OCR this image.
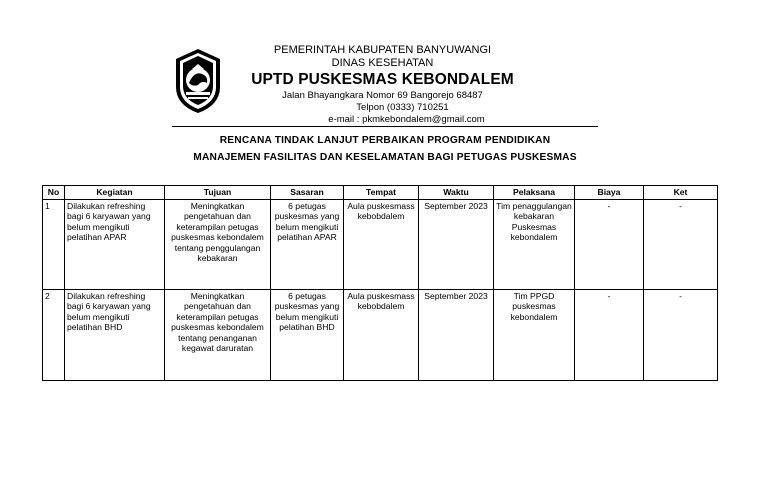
PEMERINTAH KABUPATEN BANYUWANGI
DINAS KESEHATAN
UPTD PUSKESMAS KEBONDALEM
Jalan Bhayangkara Nomor 69 Bangorejo 68487
Telpon (0333) 710251
e-mail : pkmkebondalem@gmail.com
RENCANA TINDAK LANJUT PERBAIKAN PROGRAM PENDIDIKAN
MANAJEMEN FASILITAS DAN KESELAMATAN BAGI PETUGAS PUSKESMAS
No	Kegiatan	Tujuan	Sasaran	Tempat	Waktu	Pelaksana	Biaya	Ket
1	Dilakukan refreshing bagi 6 karyawan yang belum mengikuti pelatihan APAR	Meningkatkan pengetahuan dan keterampilan petugas puskesmas kebondalem tentang penggulangan kebakaran	6 petugas puskesmas yang belum mengikuti pelatihan APAR	Aula puskesmass kebobdalem	September 2023	Tim penaggulangan kebakaran Puskesmas kebondalem	-	-
2	Dilakukan refreshing bagi 6 karyawan yang belum mengikuti pelatihan BHD	Meningkatkan pengetahuan dan keterampilan petugas puskesmas kebondalem tentang penanganan kegawat daruratan	6 petugas puskesmas yang belum mengikuti pelatihan BHD	Aula puskesmass kebobdalem	September 2023	Tim PPGD puskesmas kebondalem	-	-
